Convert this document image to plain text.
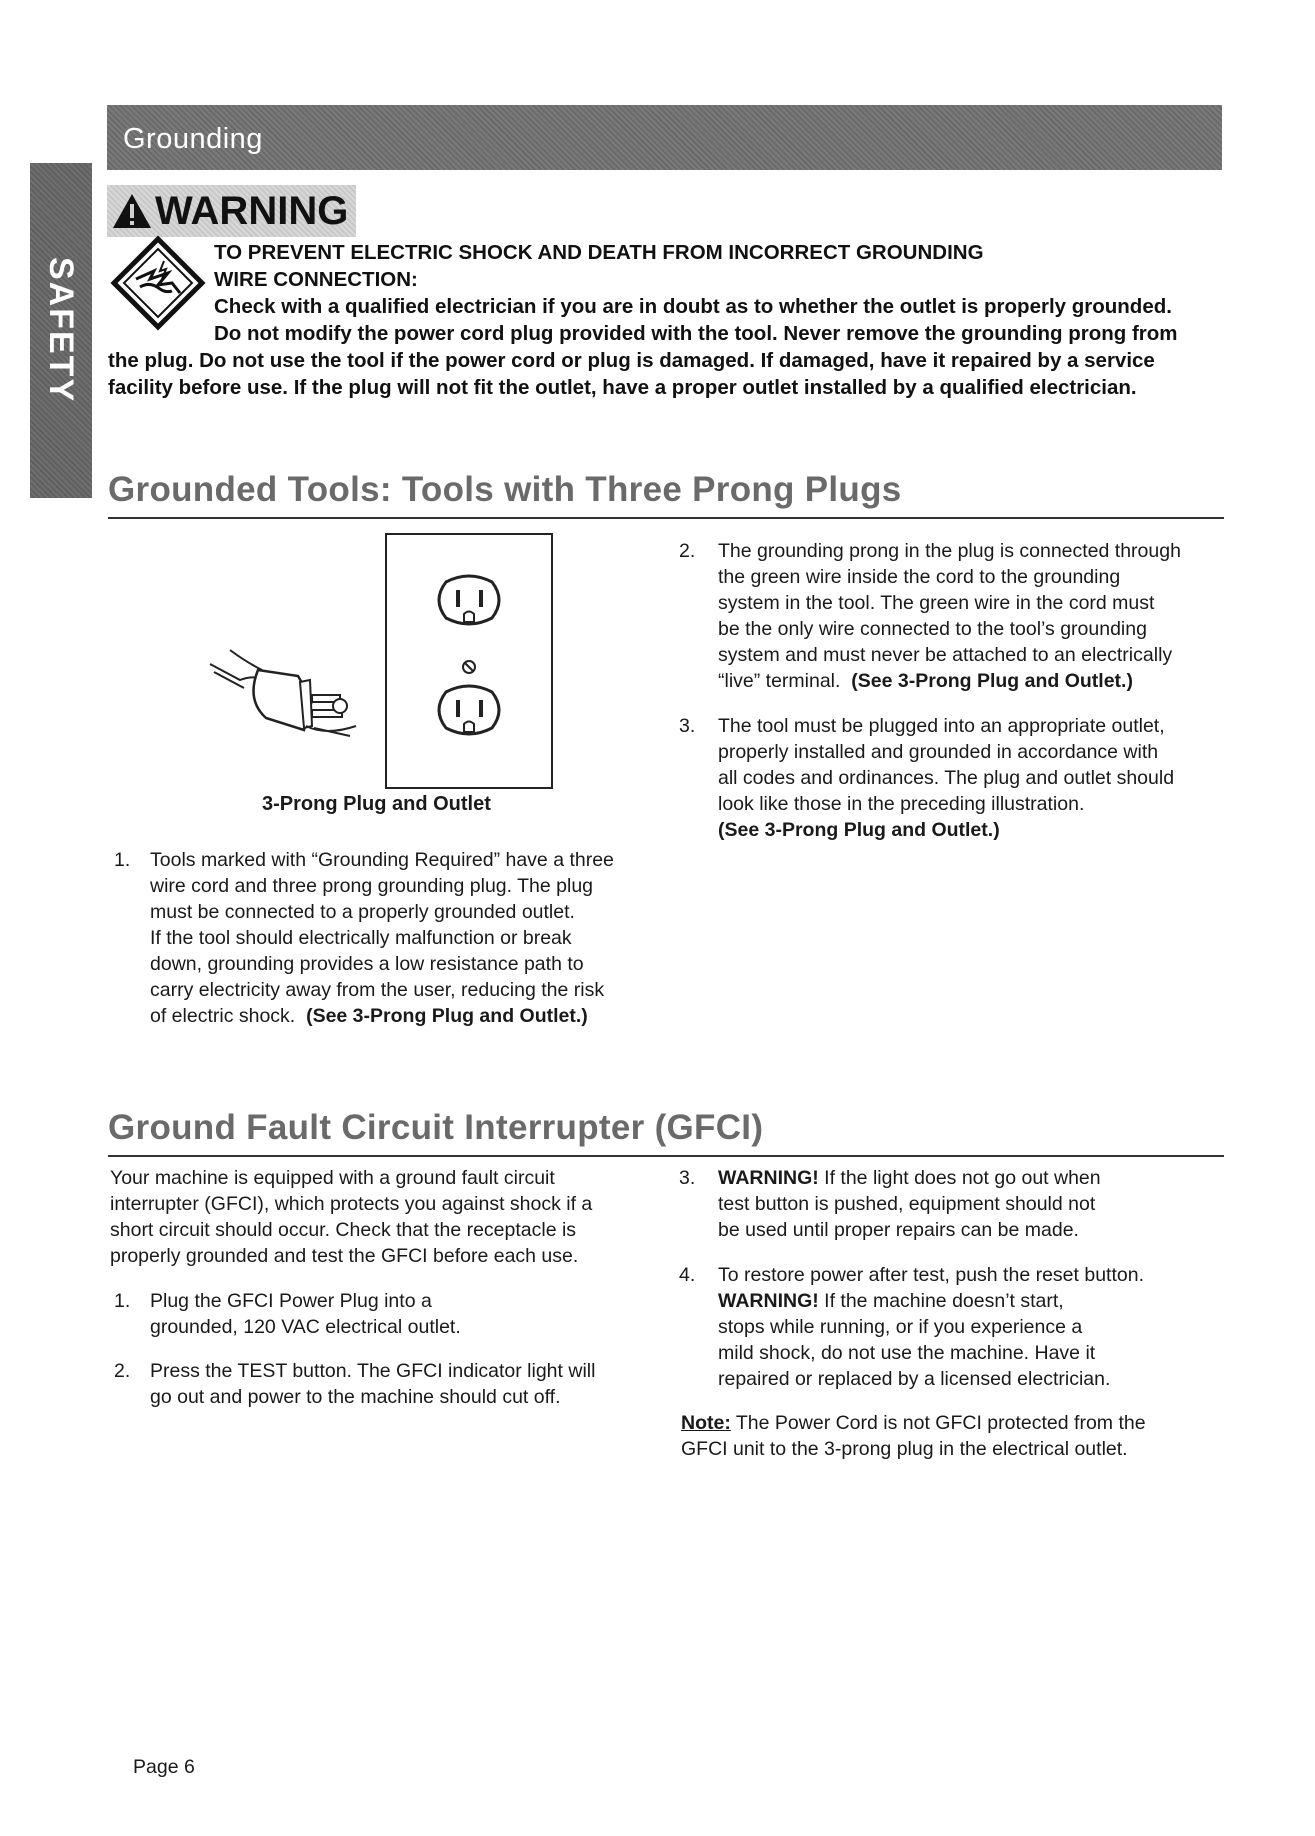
SAFETY
Grounding
WARNING
TO PREVENT ELECTRIC SHOCK AND DEATH FROM INCORRECT GROUNDING
WIRE CONNECTION:
Check with a qualified electrician if you are in doubt as to whether the outlet is properly grounded.
Do not modify the power cord plug provided with the tool. Never remove the grounding prong from
the plug. Do not use the tool if the power cord or plug is damaged. If damaged, have it repaired by a service
facility before use. If the plug will not fit the outlet, have a proper outlet installed by a qualified electrician.
Grounded Tools: Tools with Three Prong Plugs
3-Prong Plug and Outlet
1. Tools marked with “Grounding Required” have a three
wire cord and three prong grounding plug. The plug
must be connected to a properly grounded outlet.
If the tool should electrically malfunction or break
down, grounding provides a low resistance path to
carry electricity away from the user, reducing the risk
of electric shock. (See 3-Prong Plug and Outlet.)
2. The grounding prong in the plug is connected through
the green wire inside the cord to the grounding
system in the tool. The green wire in the cord must
be the only wire connected to the tool’s grounding
system and must never be attached to an electrically
“live” terminal. (See 3-Prong Plug and Outlet.)
3. The tool must be plugged into an appropriate outlet,
properly installed and grounded in accordance with
all codes and ordinances. The plug and outlet should
look like those in the preceding illustration.
(See 3-Prong Plug and Outlet.)
Ground Fault Circuit Interrupter (GFCI)
Your machine is equipped with a ground fault circuit
interrupter (GFCI), which protects you against shock if a
short circuit should occur. Check that the receptacle is
properly grounded and test the GFCI before each use.
1. Plug the GFCI Power Plug into a
grounded, 120 VAC electrical outlet.
2. Press the TEST button. The GFCI indicator light will
go out and power to the machine should cut off.
3. WARNING! If the light does not go out when
test button is pushed, equipment should not
be used until proper repairs can be made.
4. To restore power after test, push the reset button.
WARNING! If the machine doesn’t start,
stops while running, or if you experience a
mild shock, do not use the machine. Have it
repaired or replaced by a licensed electrician.
Note: The Power Cord is not GFCI protected from the
GFCI unit to the 3-prong plug in the electrical outlet.
Page 6
